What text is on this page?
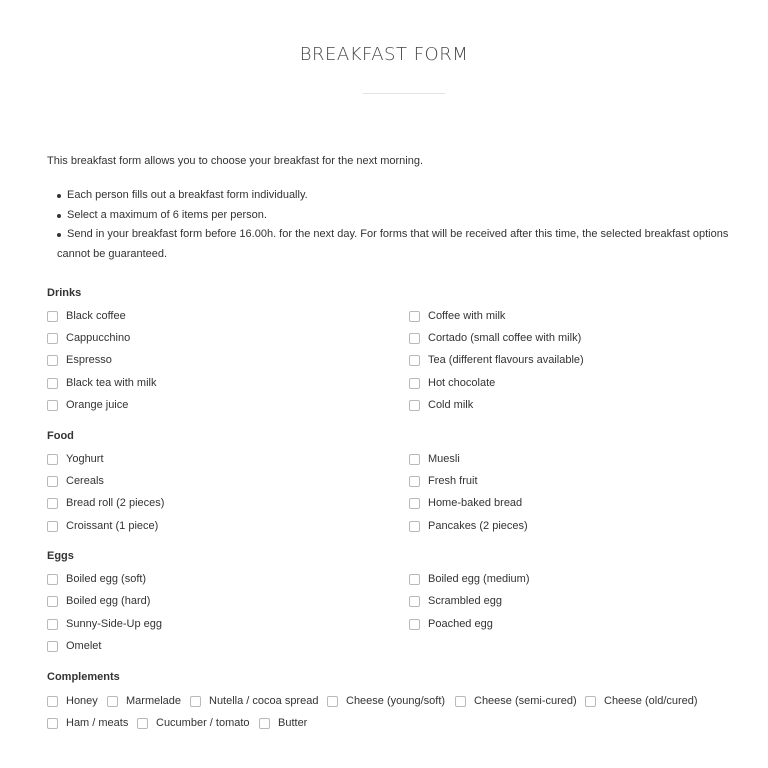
BREAKFAST FORM
This breakfast form allows you to choose your breakfast for the next morning.
Each person fills out a breakfast form individually.
Select a maximum of 6 items per person.
Send in your breakfast form before 16.00h. for the next day. For forms that will be received after this time, the selected breakfast options
cannot be guaranteed.
Drinks
Black coffee
Cappucchino
Espresso
Black tea with milk
Orange juice
Coffee with milk
Cortado (small coffee with milk)
Tea (different flavours available)
Hot chocolate
Cold milk
Food
Yoghurt
Cereals
Bread roll (2 pieces)
Croissant (1 piece)
Muesli
Fresh fruit
Home-baked bread
Pancakes (2 pieces)
Eggs
Boiled egg (soft)
Boiled egg (hard)
Sunny-Side-Up egg
Omelet
Boiled egg (medium)
Scrambled egg
Poached egg
Complements
Honey	Marmelade	Nutella / cocoa spread	Cheese (young/soft)	Cheese (semi-cured) Cheese (old/cured)
Ham / meats	Cucumber / tomato	Butter
